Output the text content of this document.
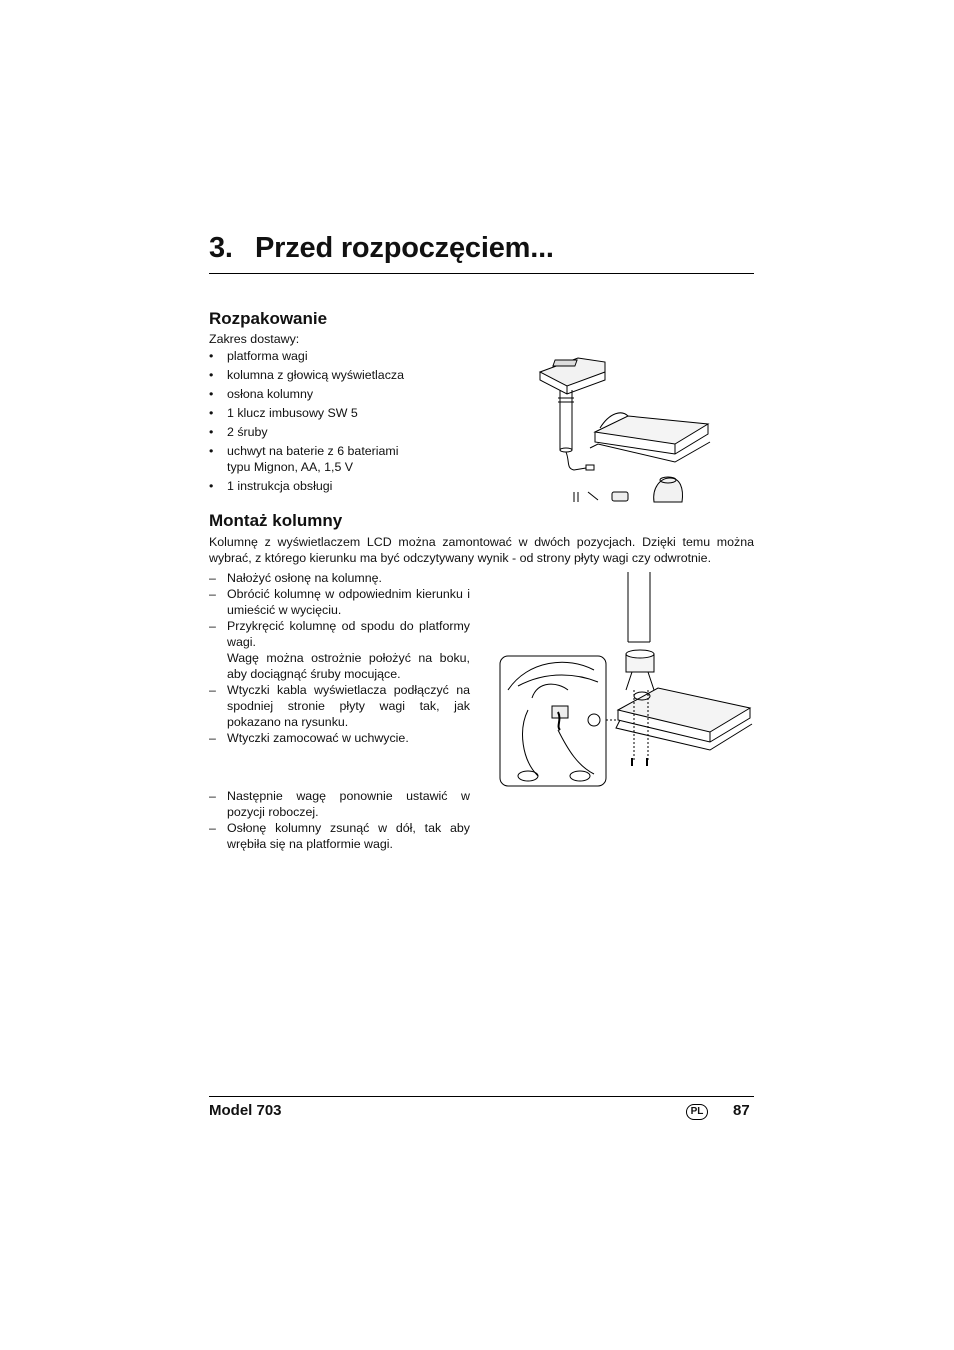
3. Przed rozpoczęciem...
Rozpakowanie
Zakres dostawy:
• platforma wagi
• kolumna z głowicą wyświetlacza
• osłona kolumny
• 1 klucz imbusowy SW 5
• 2 śruby
• uchwyt na baterie z 6 bateriami typu Mignon, AA, 1,5 V
• 1 instrukcja obsługi
Montaż kolumny
Kolumnę z wyświetlaczem LCD można zamontować w dwóch pozycjach. Dzięki temu można wybrać, z którego kierunku ma być odczytywany wynik - od strony płyty wagi czy odwrotnie.
– Nałożyć osłonę na kolumnę.
– Obrócić kolumnę w odpowiednim kierunku i umieścić w wycięciu.
– Przykręcić kolumnę od spodu do platformy wagi.
Wagę można ostrożnie położyć na boku, aby dociągnąć śruby mocujące.
– Wtyczki kabla wyświetlacza podłączyć na spodniej stronie płyty wagi tak, jak pokazano na rysunku.
– Wtyczki zamocować w uchwycie.
– Następnie wagę ponownie ustawić w pozycji roboczej.
– Osłonę kolumny zsunąć w dół, tak aby wrębiła się na platformie wagi.
Model 703	PL	87
